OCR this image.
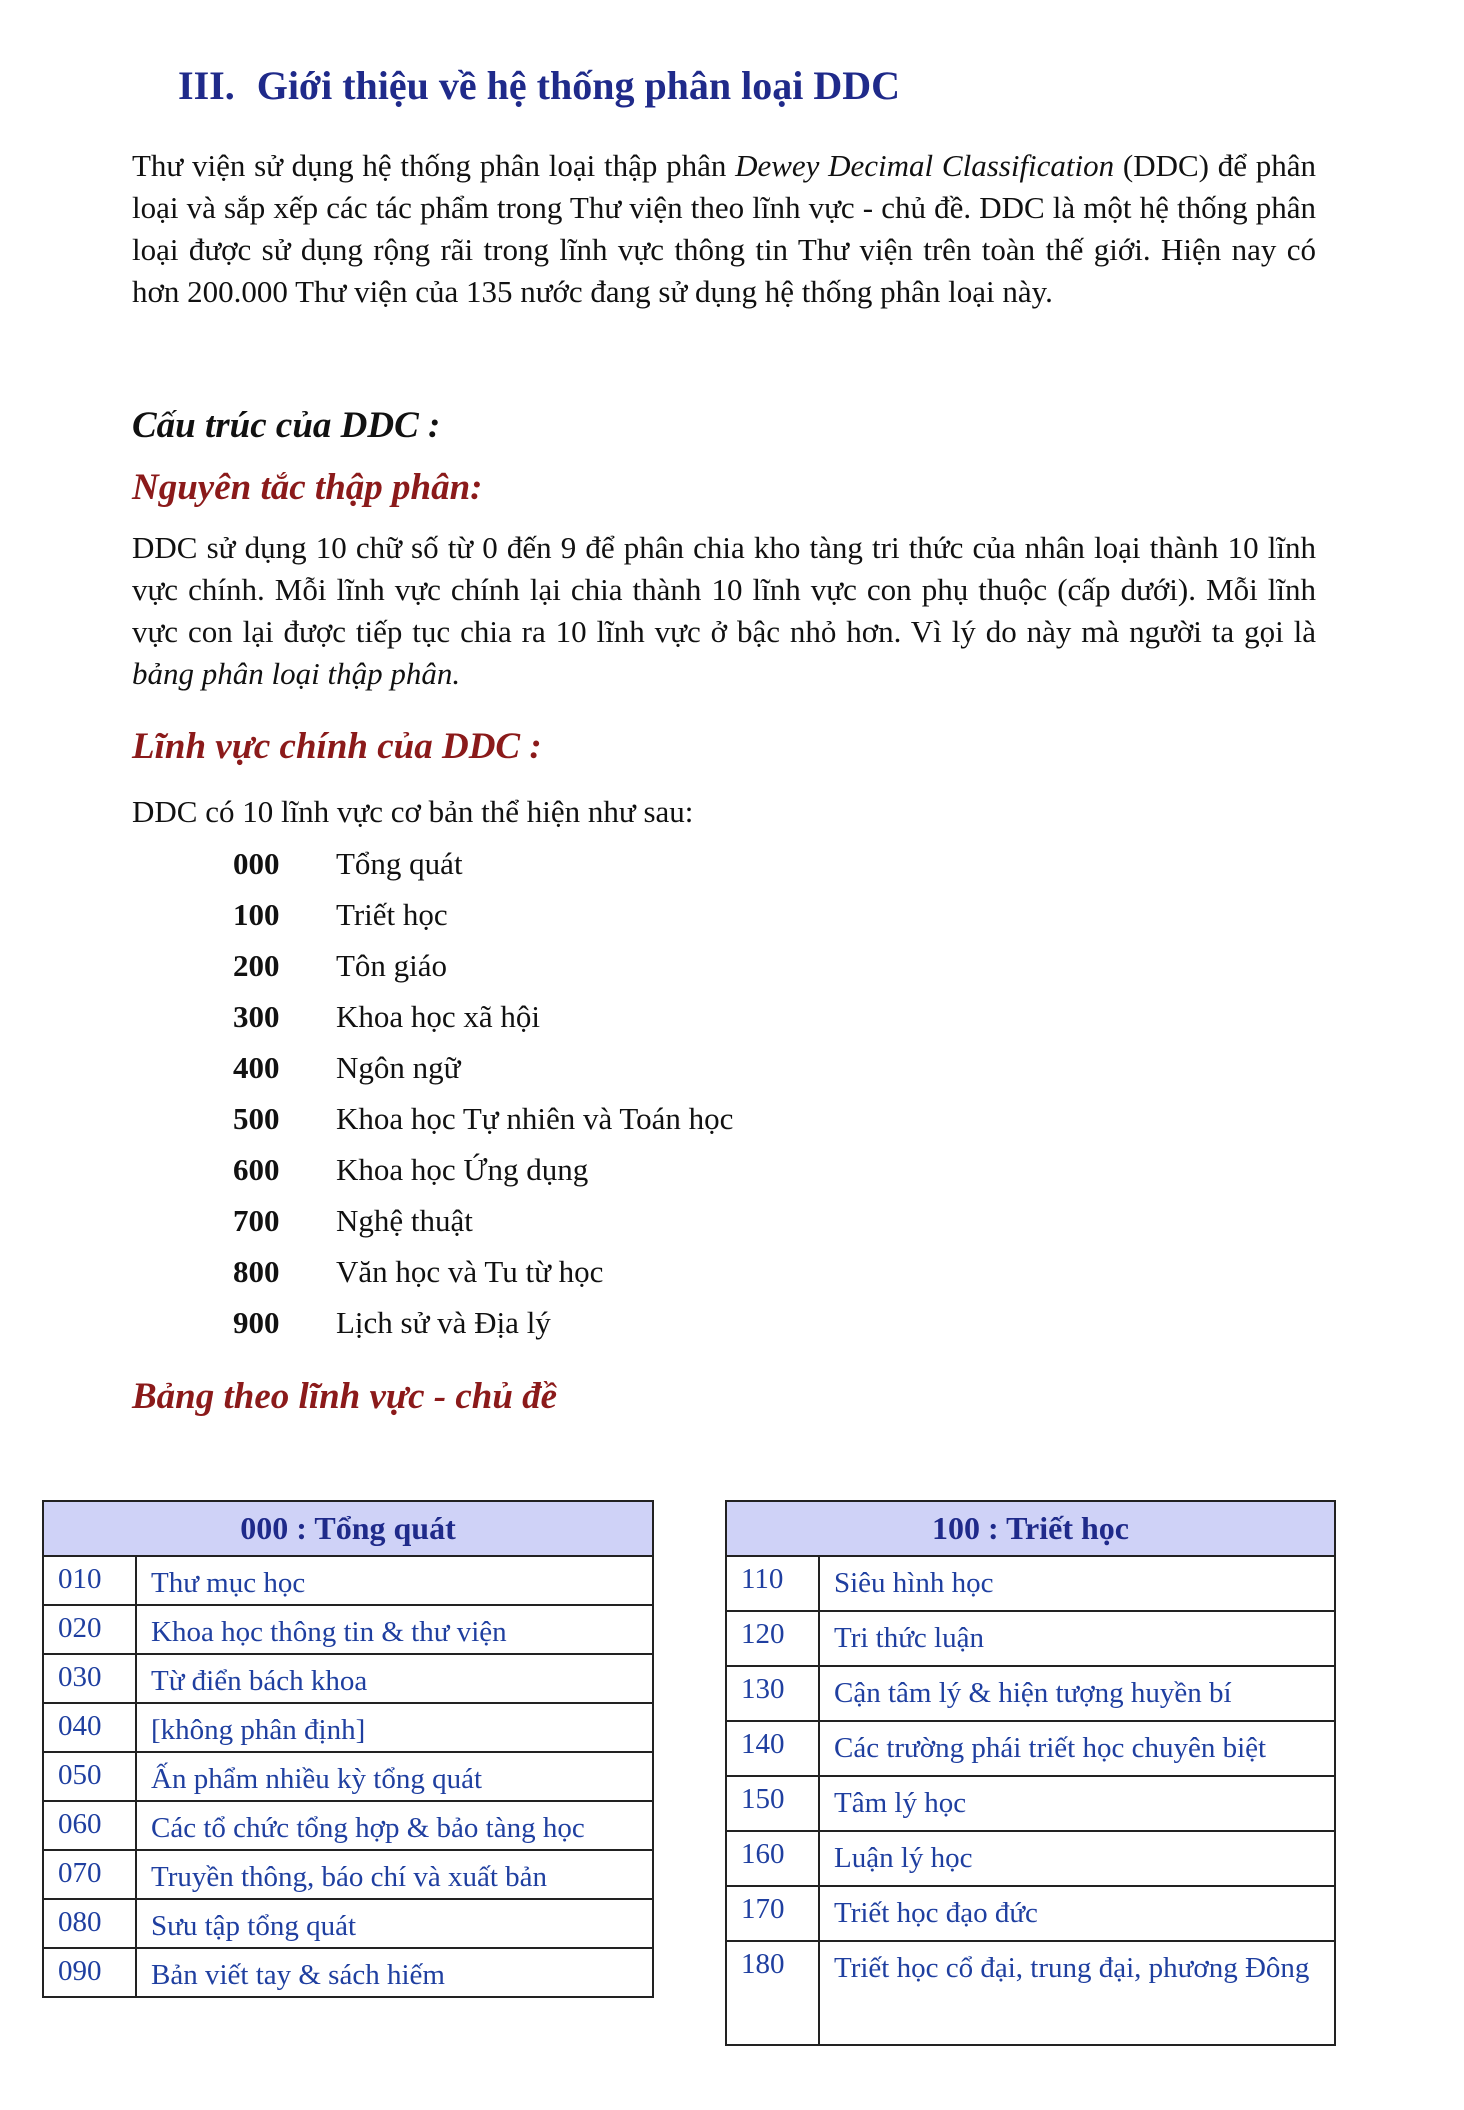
III. Giới thiệu về hệ thống phân loại DDC
Thư viện sử dụng hệ thống phân loại thập phân Dewey Decimal Classification (DDC) để phân loại và sắp xếp các tác phẩm trong Thư viện theo lĩnh vực - chủ đề. DDC là một hệ thống phân loại được sử dụng rộng rãi trong lĩnh vực thông tin Thư viện trên toàn thế giới. Hiện nay có hơn 200.000 Thư viện của 135 nước đang sử dụng hệ thống phân loại này.
Cấu trúc của DDC :
Nguyên tắc thập phân:
DDC sử dụng 10 chữ số từ 0 đến 9 để phân chia kho tàng tri thức của nhân loại thành 10 lĩnh vực chính. Mỗi lĩnh vực chính lại chia thành 10 lĩnh vực con phụ thuộc (cấp dưới). Mỗi lĩnh vực con lại được tiếp tục chia ra 10 lĩnh vực ở bậc nhỏ hơn. Vì lý do này mà người ta gọi là bảng phân loại thập phân.
Lĩnh vực chính của DDC :
DDC có 10 lĩnh vực cơ bản thể hiện như sau:
000	Tổng quát
100	Triết học
200	Tôn giáo
300	Khoa học xã hội
400	Ngôn ngữ
500	Khoa học Tự nhiên và Toán học
600	Khoa học Ứng dụng
700	Nghệ thuật
800	Văn học và Tu từ học
900	Lịch sử và Địa lý
Bảng theo lĩnh vực - chủ đề
000 : Tổng quát	
010	Thư mục học
020	Khoa học thông tin & thư viện
030	Từ điển bách khoa
040	[không phân định]
050	Ấn phẩm nhiều kỳ tổng quát
060	Các tổ chức tổng hợp & bảo tàng học
070	Truyền thông, báo chí và xuất bản
080	Sưu tập tổng quát
090	Bản viết tay & sách hiếm
100 : Triết học	
110	Siêu hình học
120	Tri thức luận
130	Cận tâm lý & hiện tượng huyền bí
140	Các trường phái triết học chuyên biệt
150	Tâm lý học
160	Luận lý học
170	Triết học đạo đức
180	Triết học cổ đại, trung đại, phương Đông
